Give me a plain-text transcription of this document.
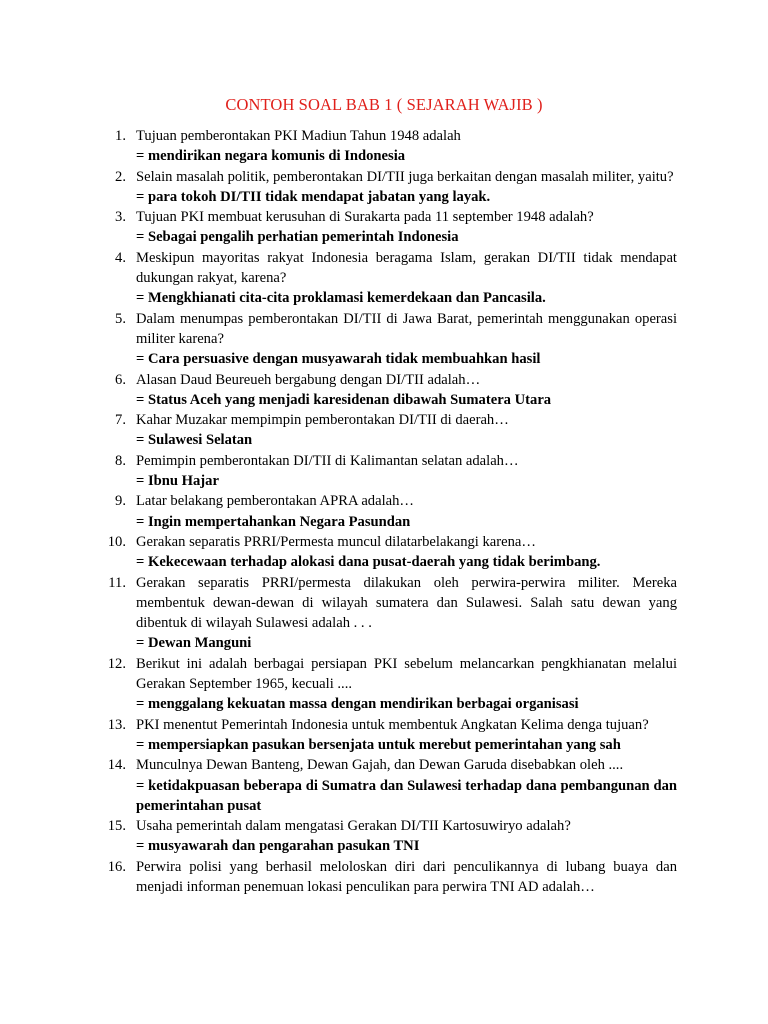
CONTOH SOAL BAB 1 ( SEJARAH WAJIB )
1. Tujuan pemberontakan PKI Madiun Tahun 1948 adalah
= mendirikan negara komunis di Indonesia
2. Selain masalah politik, pemberontakan DI/TII juga berkaitan dengan masalah militer, yaitu?
= para tokoh DI/TII tidak mendapat jabatan yang layak.
3. Tujuan PKI membuat kerusuhan di Surakarta pada 11 september 1948 adalah?
= Sebagai pengalih perhatian pemerintah Indonesia
4. Meskipun mayoritas rakyat Indonesia beragama Islam, gerakan DI/TII tidak mendapat dukungan rakyat, karena?
= Mengkhianati cita-cita proklamasi kemerdekaan dan Pancasila.
5. Dalam menumpas pemberontakan DI/TII di Jawa Barat, pemerintah menggunakan operasi militer karena?
= Cara persuasive dengan musyawarah tidak membuahkan hasil
6. Alasan Daud Beureueh bergabung dengan DI/TII adalah…
= Status Aceh yang menjadi karesidenan dibawah Sumatera Utara
7. Kahar Muzakar mempimpin pemberontakan DI/TII di daerah…
= Sulawesi Selatan
8. Pemimpin pemberontakan DI/TII di Kalimantan selatan adalah…
= Ibnu Hajar
9. Latar belakang pemberontakan APRA adalah…
= Ingin mempertahankan Negara Pasundan
10. Gerakan separatis PRRI/Permesta muncul dilatarbelakangi karena…
= Kekecewaan terhadap alokasi dana pusat-daerah yang tidak berimbang.
11. Gerakan separatis PRRI/permesta dilakukan oleh perwira-perwira militer. Mereka membentuk dewan-dewan di wilayah sumatera dan Sulawesi. Salah satu dewan yang dibentuk di wilayah Sulawesi adalah . . .
= Dewan Manguni
12. Berikut ini adalah berbagai persiapan PKI sebelum melancarkan pengkhianatan melalui Gerakan September 1965, kecuali ....
= menggalang kekuatan massa dengan mendirikan berbagai organisasi
13. PKI menentut Pemerintah Indonesia untuk membentuk Angkatan Kelima denga tujuan?
= mempersiapkan pasukan bersenjata untuk merebut pemerintahan yang sah
14. Munculnya Dewan Banteng, Dewan Gajah, dan Dewan Garuda disebabkan oleh ....
= ketidakpuasan beberapa di Sumatra dan Sulawesi terhadap dana pembangunan dan pemerintahan pusat
15. Usaha pemerintah dalam mengatasi Gerakan DI/TII Kartosuwiryo adalah?
= musyawarah dan pengarahan pasukan TNI
16. Perwira polisi yang berhasil meloloskan diri dari penculikannya di lubang buaya dan menjadi informan penemuan lokasi penculikan para perwira TNI AD adalah…
